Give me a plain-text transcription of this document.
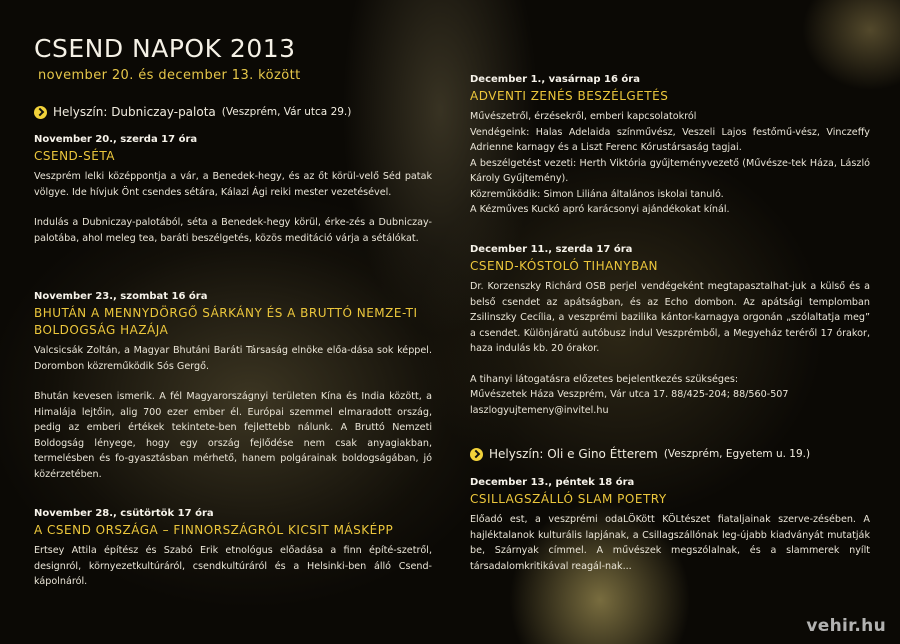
CSEND NAPOK 2013
november 20. és december 13. között
Helyszín: Dubniczay-palota (Veszprém, Vár utca 29.)
November 20., szerda 17 óra
CSEND-SÉTA

Veszprém lelki középpontja a vár, a Benedek-hegy, és az őt körül-velő Séd patak völgye. Ide hívjuk Önt csendes sétára, Kálazi Ági reiki mester vezetésével.

Indulás a Dubniczay-palotából, séta a Benedek-hegy körül, érke-zés a Dubniczay-palotába, ahol meleg tea, baráti beszélgetés, közös meditáció várja a sétálókat.

November 23., szombat 16 óra
BHUTÁN A MENNYDÖRGŐ SÁRKÁNY ÉS A BRUTTÓ NEMZE-TI BOLDOGSÁG HAZÁJA

Valcsicsák Zoltán, a Magyar Bhutáni Baráti Társaság elnöke előa-dása sok képpel. Dorombon közreműködik Sós Gergő.

Bhután kevesen ismerik. A fél Magyarországnyi területen Kína és India között, a Himalája lejtőin, alig 700 ezer ember él. Európai szemmel elmaradott ország, pedig az emberi értékek tekintete-ben fejlettebb nálunk. A Bruttó Nemzeti Boldogság lényege, hogy egy ország fejlődése nem csak anyagiakban, termelésben és fo-gyasztásban mérhető, hanem polgárainak boldogságában, jó közérzetében.

November 28., csütörtök 17 óra
A CSEND ORSZÁGA – FINNORSZÁGRÓL KICSIT MÁSKÉPP

Ertsey Attila építész és Szabó Erik etnológus előadása a finn építé-szetről, designról, környezetkultúráról, csendkultúráról és a Helsinki-ben álló Csend-kápolnáról.

December 1., vasárnap 16 óra
ADVENTI ZENÉS BESZÉLGETÉS

Művészetről, érzésekről, emberi kapcsolatokról

Vendégeink: Halas Adelaida színművész, Veszeli Lajos festőmű-vész, Vinczeffy Adrienne karnagy és a Liszt Ferenc Kórustársaság tagjai.

A beszélgetést vezeti: Herth Viktória gyűjteményvezető (Művésze-tek Háza, László Károly Gyűjtemény).

Közreműködik: Simon Liliána általános iskolai tanuló.

A Kézműves Kuckó apró karácsonyi ajándékokat kínál.

December 11., szerda 17 óra
CSEND-KÓSTOLÓ TIHANYBAN

Dr. Korzenszky Richárd OSB perjel vendégeként megtapasztalhat-juk a külső és a belső csendet az apátságban, és az Echo dombon. Az apátsági templomban Zsilinszky Cecília, a veszprémi bazilika kántor-karnagya orgonán „szólaltatja meg” a csendet. Különjáratú autóbusz indul Veszprémből, a Megyeház teréről 17 órakor, haza indulás kb. 20 órakor.

A tihanyi látogatásra előzetes bejelentkezés szükséges:

Művészetek Háza Veszprém, Vár utca 17. 88/425-204; 88/560-507

laszlogyujtemeny@invitel.hu

Helyszín: Oli e Gino Étterem (Veszprém, Egyetem u. 19.)
December 13., péntek 18 óra
CSILLAGSZÁLLÓ SLAM POETRY

Előadó est, a veszprémi odaLÖKött KÖLtészet fiataljainak szerve-zésében. A hajléktalanok kulturális lapjának, a Csillagszállónak leg-újabb kiadványát mutatják be, Szárnyak címmel. A művészek megszólalnak, és a slammerek nyílt társadalomkritikával reagál-nak...

vehir.hu
